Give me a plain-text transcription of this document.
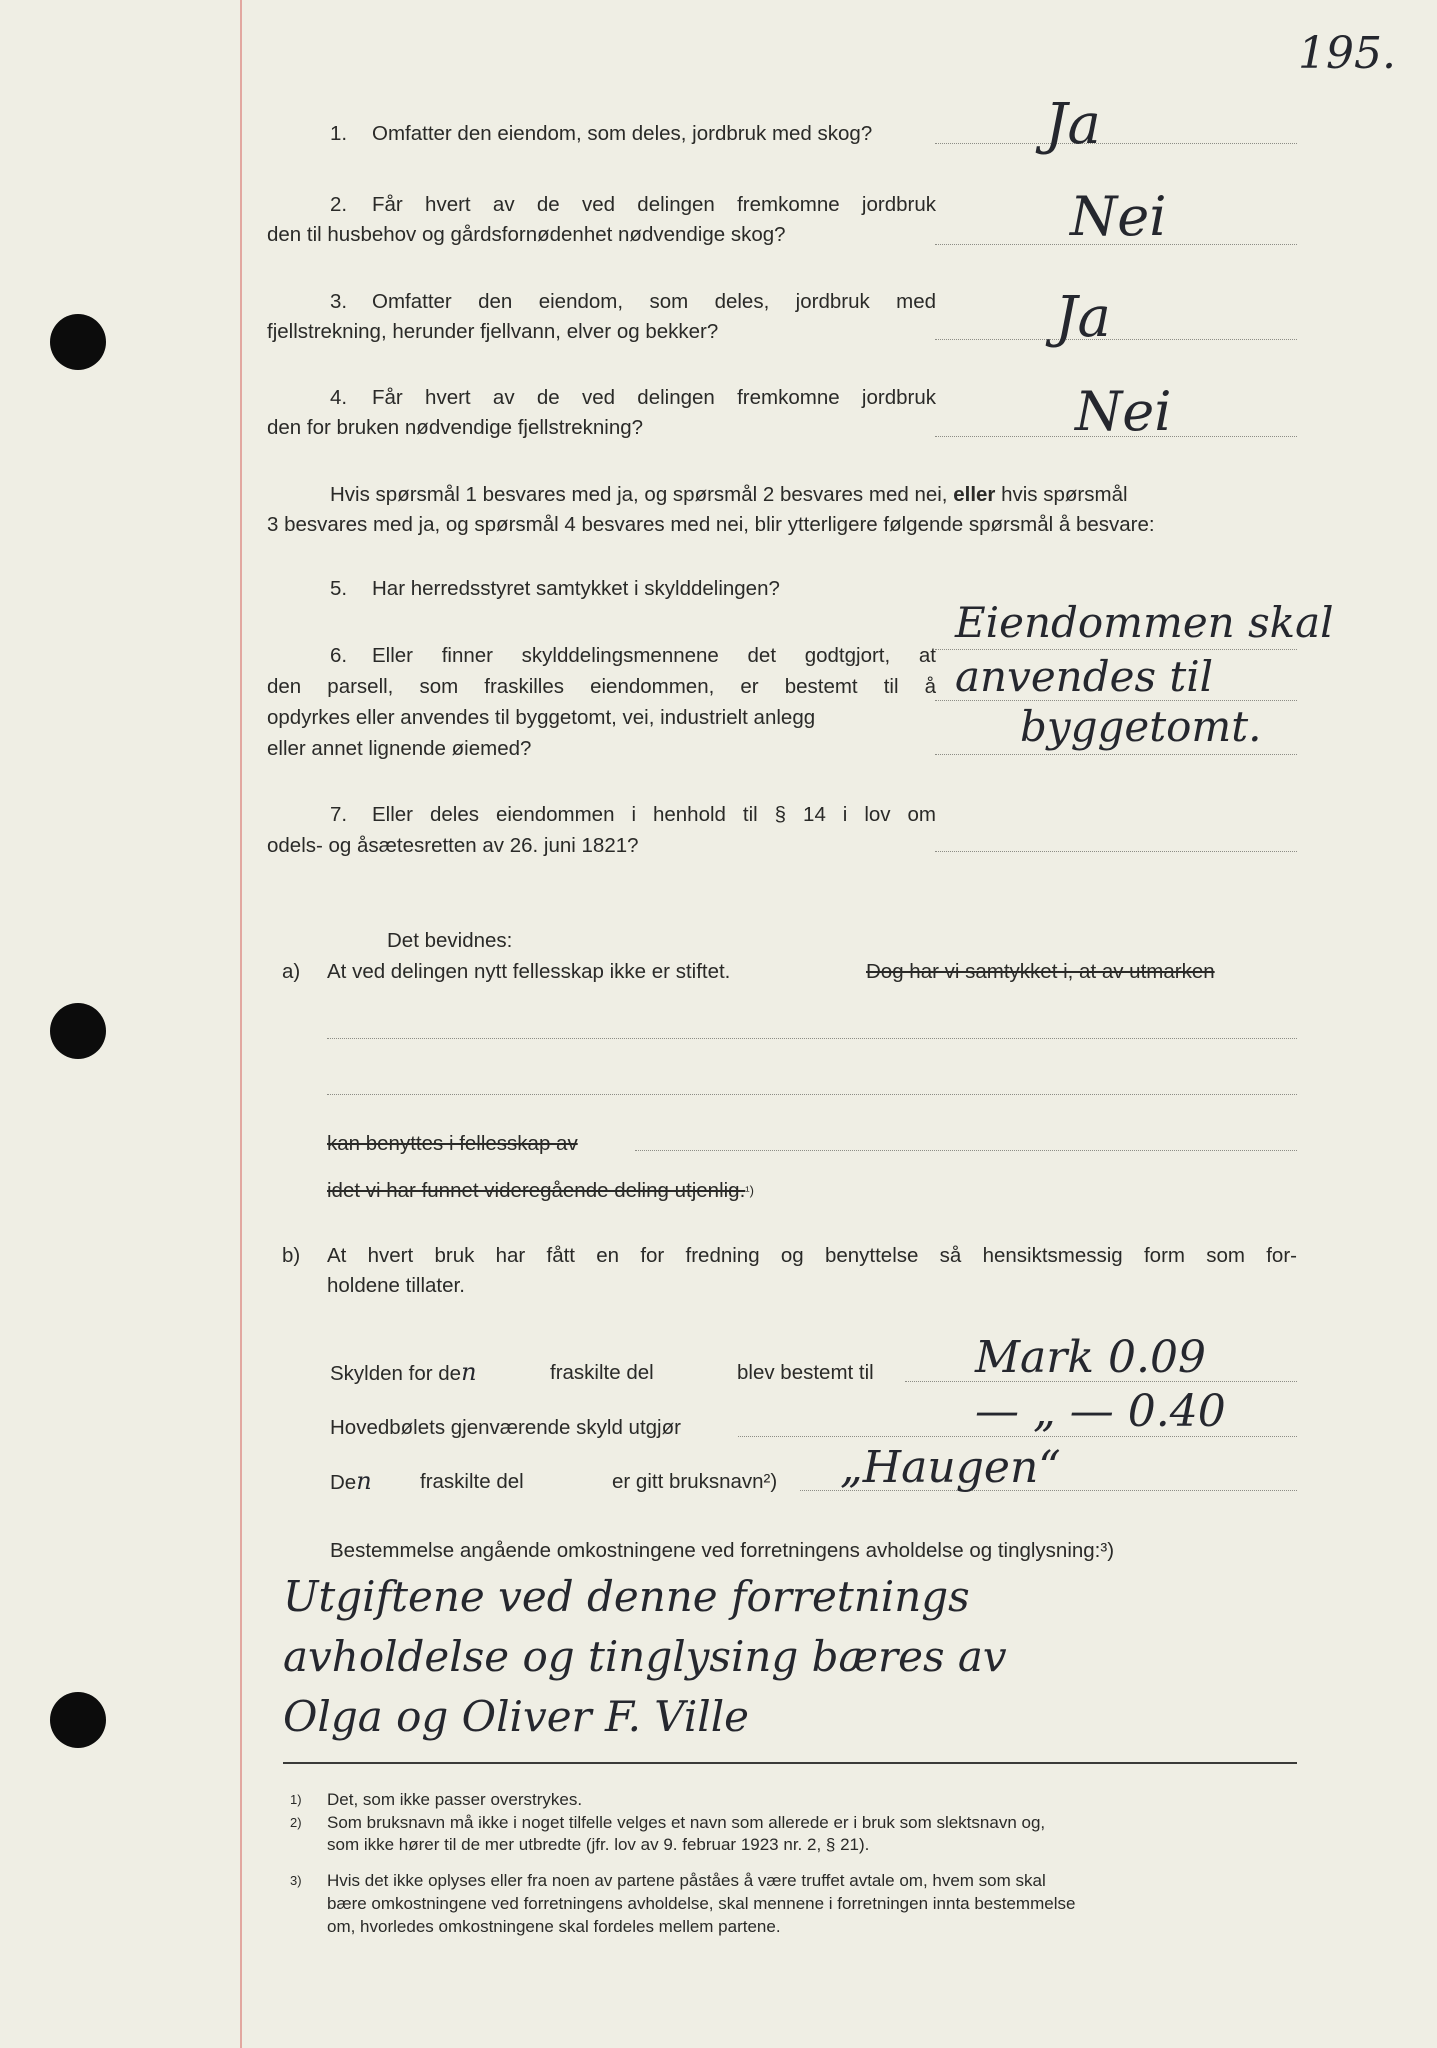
195.
1. Omfatter den eiendom, som deles, jordbruk med skog?	Ja
2. Får hvert av de ved delingen fremkomne jordbruk
den til husbehov og gårdsfornødenhet nødvendige skog?	Nei
3. Omfatter den eiendom, som deles, jordbruk med
fjellstrekning, herunder fjellvann, elver og bekker?	Ja
4. Får hvert av de ved delingen fremkomne jordbruk
den for bruken nødvendige fjellstrekning?	Nei
Hvis spørsmål 1 besvares med ja, og spørsmål 2 besvares med nei, eller hvis spørsmål
3 besvares med ja, og spørsmål 4 besvares med nei, blir ytterligere følgende spørsmål å besvare:
5. Har herredsstyret samtykket i skylddelingen?
6. Eller finner skylddelingsmennene det godtgjort, at
den parsell, som fraskilles eiendommen, er bestemt til å
opdyrkes eller anvendes til byggetomt, vei, industrielt anlegg
eller annet lignende øiemed?
Eiendommen skal
anvendes til
byggetomt.
7. Eller deles eiendommen i henhold til § 14 i lov om
odels- og åsætesretten av 26. juni 1821?
Det bevidnes:
a) At ved delingen nytt fellesskap ikke er stiftet.	Dog har vi samtykket i, at av utmarken
kan benyttes i fellesskap av
idet vi har funnet videregående deling utjenlig.$^{^1)}$
b) At hvert bruk har fått en for fredning og benyttelse så hensiktsmessig form som for-
holdene tillater.
Skylden for den	fraskilte del	blev bestemt til Mark 0.09
Hovedbølets gjenværende skyld utgjør	— „ — 0.40
Den fraskilte del	er gitt bruksnavn²) „Haugen“
Bestemmelse angående omkostningene ved forretningens avholdelse og tinglysning:³)
Utgiftene ved denne forretnings
avholdelse og tinglysing bæres av
Olga og Oliver F. Ville
1) Det, som ikke passer overstrykes.
2) Som bruksnavn må ikke i noget tilfelle velges et navn som allerede er i bruk som slektsnavn og,
som ikke hører til de mer utbredte (jfr. lov av 9. februar 1923 nr. 2, § 21).
3) Hvis det ikke oplyses eller fra noen av partene påståes å være truffet avtale om, hvem som skal
bære omkostningene ved forretningens avholdelse, skal mennene i forretningen innta bestemmelse
om, hvorledes omkostningene skal fordeles mellem partene.
